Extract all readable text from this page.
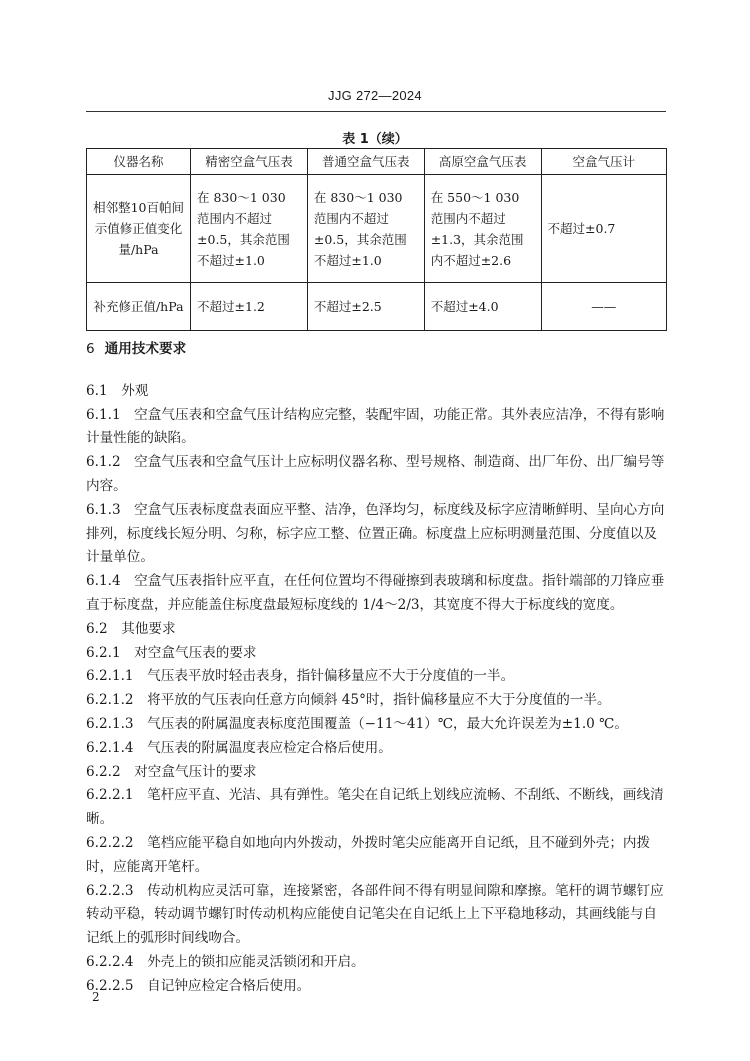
JJG 272—2024
表 1（续）
仪器名称	精密空盒气压表	普通空盒气压表	高原空盒气压表	空盒气压计
相邻整10百帕间示值修正值变化量/hPa	在 830～1 030 范围内不超过±0.5，其余范围不超过±1.0	在 830～1 030 范围内不超过±0.5，其余范围不超过±1.0	在 550～1 030 范围内不超过±1.3，其余范围内不超过±2.6	不超过±0.7
补充修正值/hPa	不超过±1.2	不超过±2.5	不超过±4.0	——

6 通用技术要求

6.1　外观

6.1.1　空盒气压表和空盒气压计结构应完整，装配牢固，功能正常。其外表应洁净，不得有影响计量性能的缺陷。

6.1.2　空盒气压表和空盒气压计上应标明仪器名称、型号规格、制造商、出厂年份、出厂编号等内容。

6.1.3　空盒气压表标度盘表面应平整、洁净，色泽均匀，标度线及标字应清晰鲜明、呈向心方向排列，标度线长短分明、匀称，标字应工整、位置正确。标度盘上应标明测量范围、分度值以及计量单位。

6.1.4　空盒气压表指针应平直，在任何位置均不得碰擦到表玻璃和标度盘。指针端部的刀锋应垂直于标度盘，并应能盖住标度盘最短标度线的 1/4～2/3，其宽度不得大于标度线的宽度。

6.2　其他要求

6.2.1　对空盒气压表的要求

6.2.1.1　气压表平放时轻击表身，指针偏移量应不大于分度值的一半。

6.2.1.2　将平放的气压表向任意方向倾斜 45°时，指针偏移量应不大于分度值的一半。

6.2.1.3　气压表的附属温度表标度范围覆盖（−11～41）℃，最大允许误差为±1.0 ℃。

6.2.1.4　气压表的附属温度表应检定合格后使用。

6.2.2　对空盒气压计的要求

6.2.2.1　笔杆应平直、光洁、具有弹性。笔尖在自记纸上划线应流畅、不刮纸、不断线，画线清晰。

6.2.2.2　笔档应能平稳自如地向内外拨动，外拨时笔尖应能离开自记纸，且不碰到外壳；内拨时，应能离开笔杆。

6.2.2.3　传动机构应灵活可靠，连接紧密，各部件间不得有明显间隙和摩擦。笔杆的调节螺钉应转动平稳，转动调节螺钉时传动机构应能使自记笔尖在自记纸上上下平稳地移动，其画线能与自记纸上的弧形时间线吻合。

6.2.2.4　外壳上的锁扣应能灵活锁闭和开启。

6.2.2.5　自记钟应检定合格后使用。

2
